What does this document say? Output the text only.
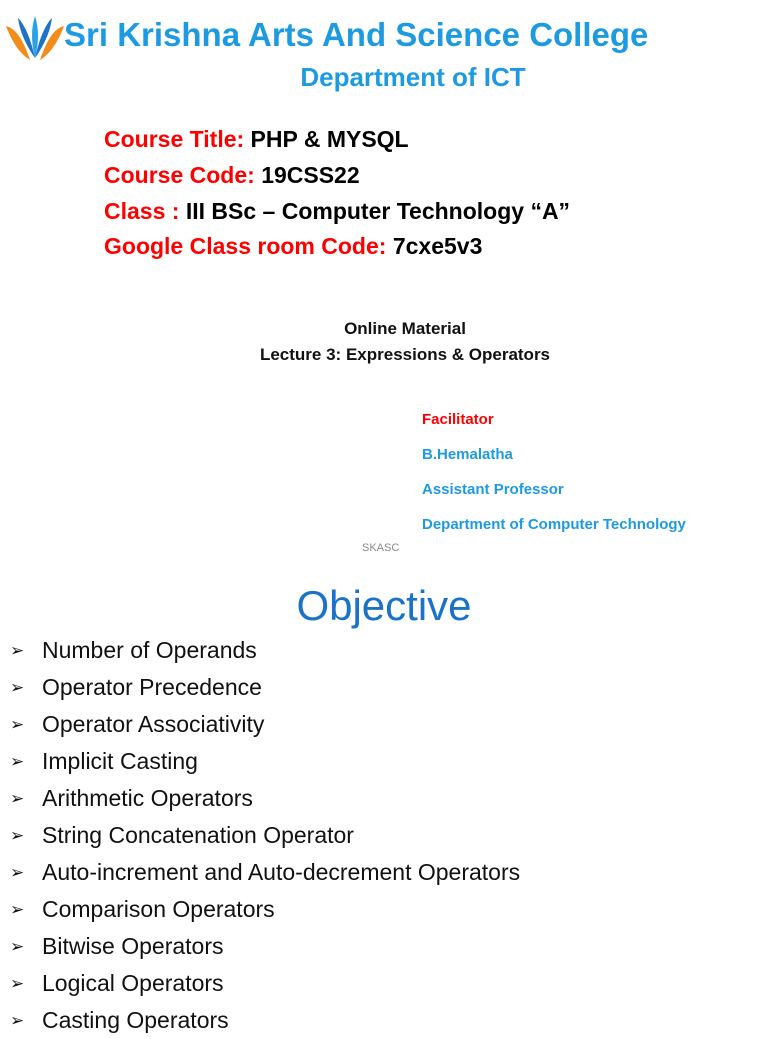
Sri Krishna Arts And Science College
Department of ICT
Course Title: PHP & MYSQL
Course Code: 19CSS22
Class : III BSc – Computer Technology “A”
Google Class room Code: 7cxe5v3
Online Material
Lecture 3: Expressions & Operators
Facilitator
B.Hemalatha
Assistant Professor
Department of Computer Technology
SKASC
Objective
➢ Number of Operands
➢ Operator Precedence
➢ Operator Associativity
➢ Implicit Casting
➢ Arithmetic Operators
➢ String Concatenation Operator
➢ Auto-increment and Auto-decrement Operators
➢ Comparison Operators
➢ Bitwise Operators
➢ Logical Operators
➢ Casting Operators
